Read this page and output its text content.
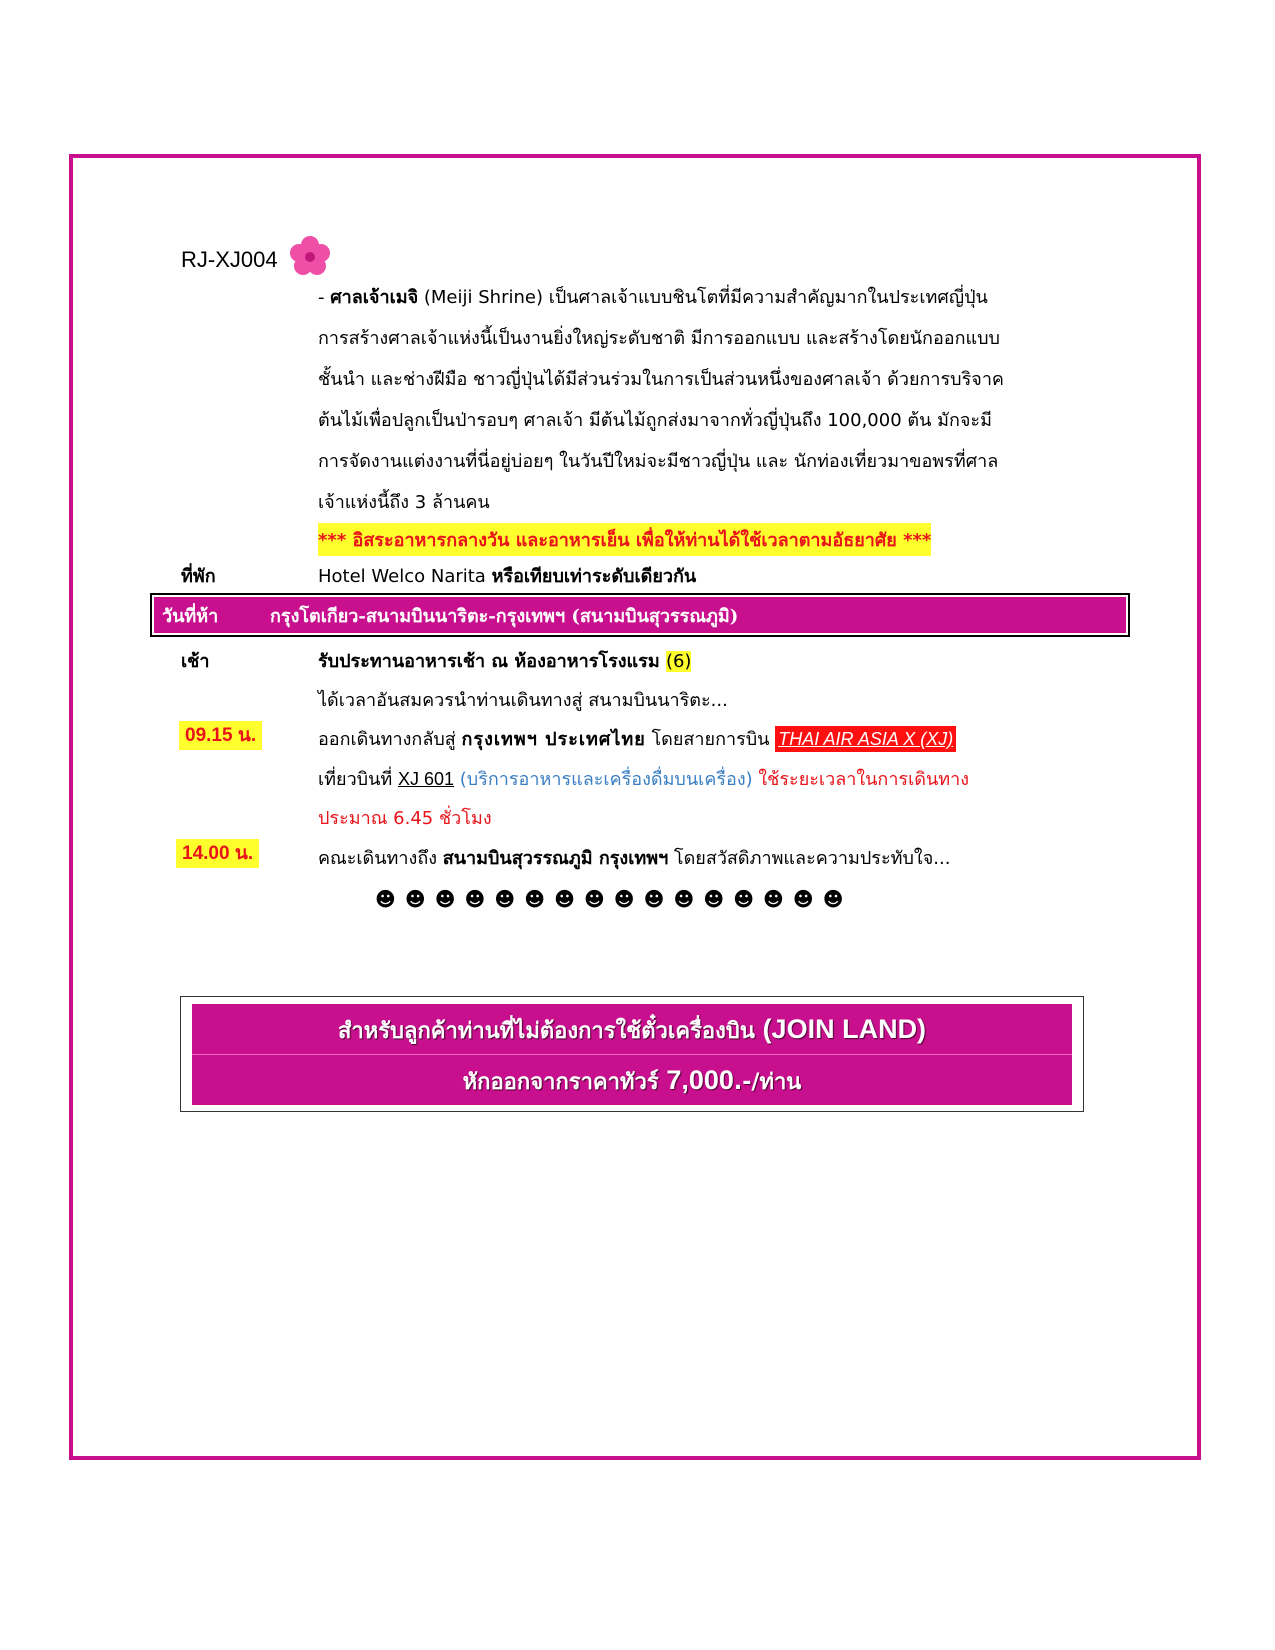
RJ-XJ004
- ศาลเจ้าเมจิ (Meiji Shrine) เป็นศาลเจ้าแบบชินโตที่มีความสำคัญมากในประเทศญี่ปุ่น
การสร้างศาลเจ้าแห่งนี้เป็นงานยิ่งใหญ่ระดับชาติ มีการออกแบบ และสร้างโดยนักออกแบบ
ชั้นนำ และช่างฝีมือ ชาวญี่ปุ่นได้มีส่วนร่วมในการเป็นส่วนหนึ่งของศาลเจ้า ด้วยการบริจาค
ต้นไม้เพื่อปลูกเป็นป่ารอบๆ ศาลเจ้า มีต้นไม้ถูกส่งมาจากทั่วญี่ปุ่นถึง 100,000 ต้น มักจะมี
การจัดงานแต่งงานที่นี่อยู่บ่อยๆ ในวันปีใหม่จะมีชาวญี่ปุ่น และ นักท่องเที่ยวมาขอพรที่ศาล
เจ้าแห่งนี้ถึง 3 ล้านคน
*** อิสระอาหารกลางวัน และอาหารเย็น เพื่อให้ท่านได้ใช้เวลาตามอัธยาศัย ***
ที่พัก	Hotel Welco Narita หรือเทียบเท่าระดับเดียวกัน
วันที่ห้า	กรุงโตเกียว-สนามบินนาริตะ-กรุงเทพฯ (สนามบินสุวรรณภูมิ)
เช้า	รับประทานอาหารเช้า ณ ห้องอาหารโรงแรม (6)
ได้เวลาอันสมควรนำท่านเดินทางสู่ สนามบินนาริตะ...
09.15 น.	ออกเดินทางกลับสู่ กรุงเทพฯ ประเทศไทย โดยสายการบิน THAI AIR ASIA X (XJ)
เที่ยวบินที่ XJ 601 (บริการอาหารและเครื่องดื่มบนเครื่อง) ใช้ระยะเวลาในการเดินทาง
ประมาณ 6.45 ชั่วโมง
14.00 น.	คณะเดินทางถึง สนามบินสุวรรณภูมิ กรุงเทพฯ โดยสวัสดิภาพและความประทับใจ...
☻☻☻☻☻☻☻☻☻☻☻☻☻☻☻☻
สำหรับลูกค้าท่านที่ไม่ต้องการใช้ตั๋วเครื่องบิน (JOIN LAND)
หักออกจากราคาทัวร์ 7,000.-/ท่าน
